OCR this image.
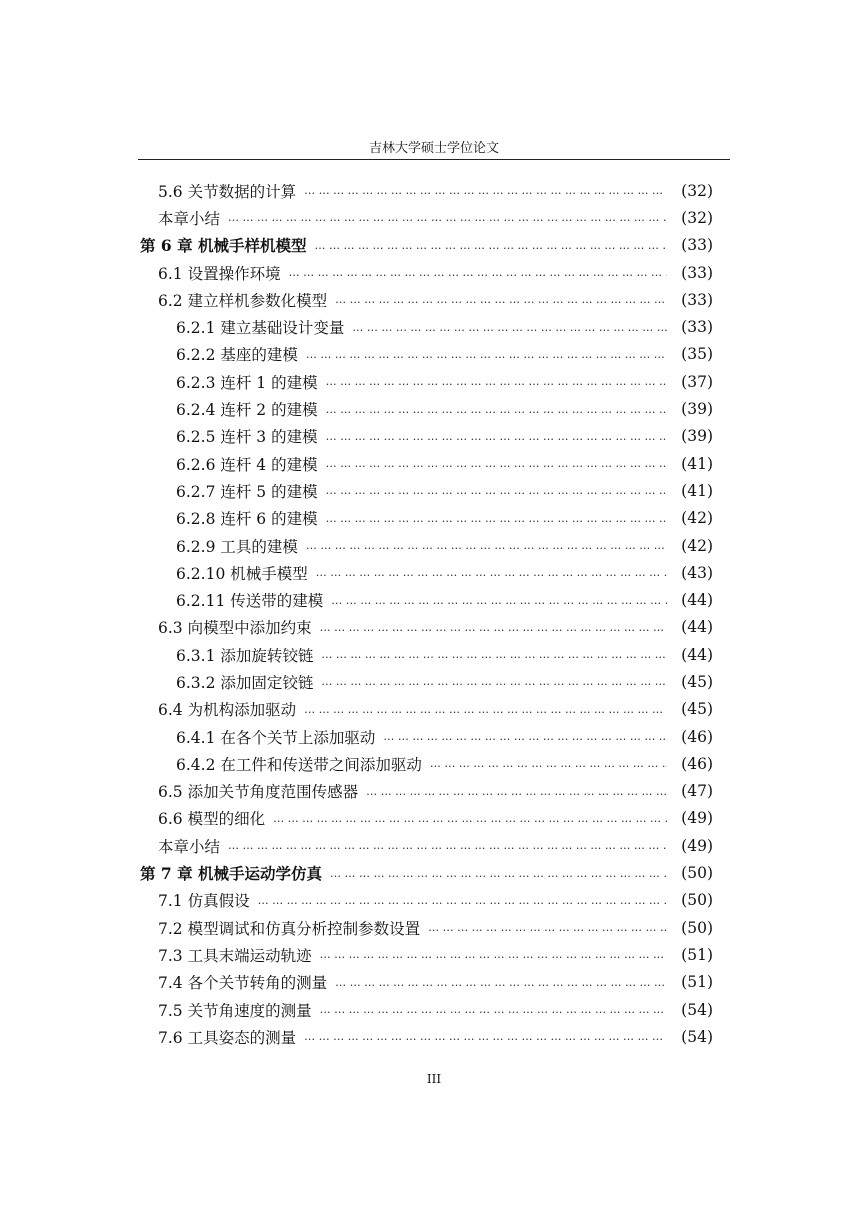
吉林大学硕士学位论文
5.6 关节数据的计算 … … … … … … … … … … … … … … … … … … … … … … … … … … … … … … … … … … … … … … … … … … … … … …	(32)
本章小结 … … … … … … … … … … … … … … … … … … … … … … … … … … … … … … … … … … … … … … … … … … … … … …	(32)
第 6 章 机械手样机模型 … … … … … … … … … … … … … … … … … … … … … … … … … … … … … … … … … … … … … … … … … … … … … …	(33)
6.1 设置操作环境 … … … … … … … … … … … … … … … … … … … … … … … … … … … … … … … … … … … … … … … … … … … … … …	(33)
6.2 建立样机参数化模型 … … … … … … … … … … … … … … … … … … … … … … … … … … … … … … … … … … … … … … … … … … … … … …	(33)
6.2.1 建立基础设计变量 … … … … … … … … … … … … … … … … … … … … … … … … … … … … … … … … … … … … … … … … … … … … … …	(33)
6.2.2 基座的建模 … … … … … … … … … … … … … … … … … … … … … … … … … … … … … … … … … … … … … … … … … … … … … …	(35)
6.2.3 连杆 1 的建模 … … … … … … … … … … … … … … … … … … … … … … … … … … … … … … … … … … … … … … … … … … … … … …	(37)
6.2.4 连杆 2 的建模 … … … … … … … … … … … … … … … … … … … … … … … … … … … … … … … … … … … … … … … … … … … … … …	(39)
6.2.5 连杆 3 的建模 … … … … … … … … … … … … … … … … … … … … … … … … … … … … … … … … … … … … … … … … … … … … … …	(39)
6.2.6 连杆 4 的建模 … … … … … … … … … … … … … … … … … … … … … … … … … … … … … … … … … … … … … … … … … … … … … …	(41)
6.2.7 连杆 5 的建模 … … … … … … … … … … … … … … … … … … … … … … … … … … … … … … … … … … … … … … … … … … … … … …	(41)
6.2.8 连杆 6 的建模 … … … … … … … … … … … … … … … … … … … … … … … … … … … … … … … … … … … … … … … … … … … … … …	(42)
6.2.9 工具的建模 … … … … … … … … … … … … … … … … … … … … … … … … … … … … … … … … … … … … … … … … … … … … … …	(42)
6.2.10 机械手模型 … … … … … … … … … … … … … … … … … … … … … … … … … … … … … … … … … … … … … … … … … … … … … …	(43)
6.2.11 传送带的建模 … … … … … … … … … … … … … … … … … … … … … … … … … … … … … … … … … … … … … … … … … … … … … …	(44)
6.3 向模型中添加约束 … … … … … … … … … … … … … … … … … … … … … … … … … … … … … … … … … … … … … … … … … … … … … …	(44)
6.3.1 添加旋转铰链 … … … … … … … … … … … … … … … … … … … … … … … … … … … … … … … … … … … … … … … … … … … … … …	(44)
6.3.2 添加固定铰链 … … … … … … … … … … … … … … … … … … … … … … … … … … … … … … … … … … … … … … … … … … … … … …	(45)
6.4 为机构添加驱动 … … … … … … … … … … … … … … … … … … … … … … … … … … … … … … … … … … … … … … … … … … … … … …	(45)
6.4.1 在各个关节上添加驱动 … … … … … … … … … … … … … … … … … … … … … … … … … … … … … … … … … … … … … … … … … … … … … …	(46)
6.4.2 在工件和传送带之间添加驱动 … … … … … … … … … … … … … … … … … … … … … … … … … … … … … … … … … … … … … … … … … … … … … …	(46)
6.5 添加关节角度范围传感器 … … … … … … … … … … … … … … … … … … … … … … … … … … … … … … … … … … … … … … … … … … … … … …	(47)
6.6 模型的细化 … … … … … … … … … … … … … … … … … … … … … … … … … … … … … … … … … … … … … … … … … … … … … …	(49)
本章小结 … … … … … … … … … … … … … … … … … … … … … … … … … … … … … … … … … … … … … … … … … … … … … …	(49)
第 7 章 机械手运动学仿真 … … … … … … … … … … … … … … … … … … … … … … … … … … … … … … … … … … … … … … … … … … … … … …	(50)
7.1 仿真假设 … … … … … … … … … … … … … … … … … … … … … … … … … … … … … … … … … … … … … … … … … … … … … …	(50)
7.2 模型调试和仿真分析控制参数设置 … … … … … … … … … … … … … … … … … … … … … … … … … … … … … … … … … … … … … … … … … … … … … …	(50)
7.3 工具末端运动轨迹 … … … … … … … … … … … … … … … … … … … … … … … … … … … … … … … … … … … … … … … … … … … … … …	(51)
7.4 各个关节转角的测量 … … … … … … … … … … … … … … … … … … … … … … … … … … … … … … … … … … … … … … … … … … … … … …	(51)
7.5 关节角速度的测量 … … … … … … … … … … … … … … … … … … … … … … … … … … … … … … … … … … … … … … … … … … … … … …	(54)
7.6 工具姿态的测量 … … … … … … … … … … … … … … … … … … … … … … … … … … … … … … … … … … … … … … … … … … … … … …	(54)
III
